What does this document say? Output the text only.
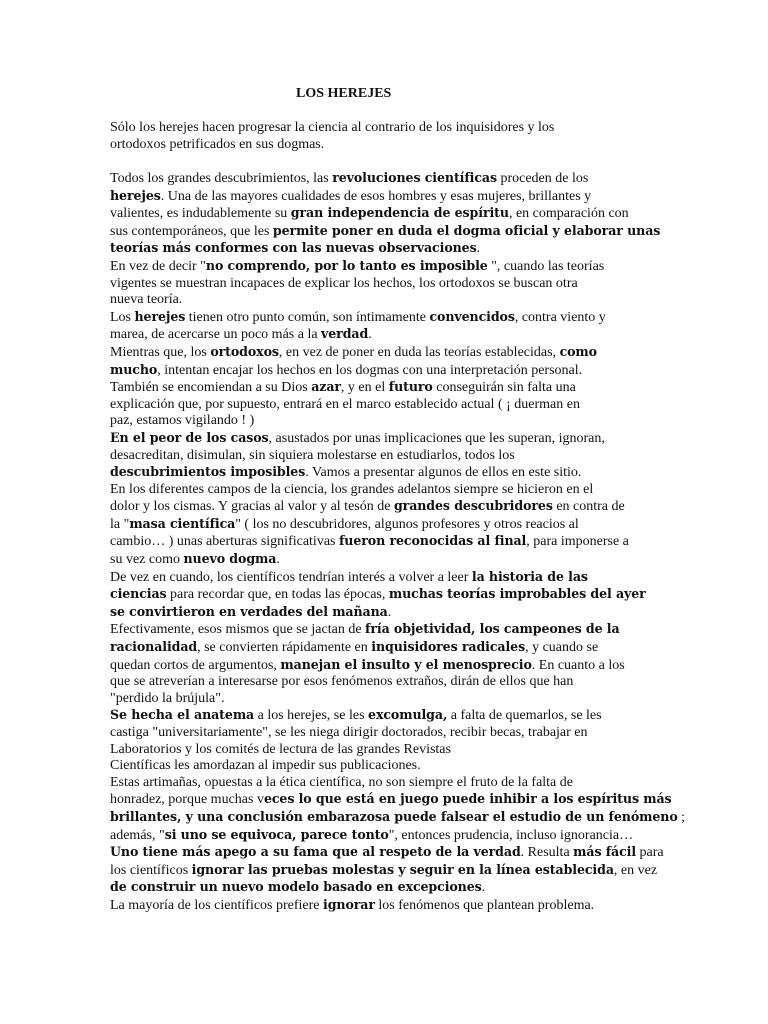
LOS HEREJES
Sólo los herejes hacen progresar la ciencia al contrario de los inquisidores y los
ortodoxos petrificados en sus dogmas.
Todos los grandes descubrimientos, las revoluciones científicas proceden de los
herejes. Una de las mayores cualidades de esos hombres y esas mujeres, brillantes y
valientes, es indudablemente su gran independencia de espíritu, en comparación con
sus contemporáneos, que les permite poner en duda el dogma oficial y elaborar unas
teorías más conformes con las nuevas observaciones.
En vez de decir "no comprendo, por lo tanto es imposible ", cuando las teorías
vigentes se muestran incapaces de explicar los hechos, los ortodoxos se buscan otra
nueva teoría.
Los herejes tienen otro punto común, son íntimamente convencidos, contra viento y
marea, de acercarse un poco más a la verdad.
Mientras que, los ortodoxos, en vez de poner en duda las teorías establecidas, como
mucho, intentan encajar los hechos en los dogmas con una interpretación personal.
También se encomiendan a su Dios azar, y en el futuro conseguirán sin falta una
explicación que, por supuesto, entrará en el marco establecido actual ( ¡ duerman en
paz, estamos vigilando ! )
En el peor de los casos, asustados por unas implicaciones que les superan, ignoran,
desacreditan, disimulan, sin siquiera molestarse en estudiarlos, todos los
descubrimientos imposibles. Vamos a presentar algunos de ellos en este sitio.
En los diferentes campos de la ciencia, los grandes adelantos siempre se hicieron en el
dolor y los cismas. Y gracias al valor y al tesón de grandes descubridores en contra de
la "masa científica" ( los no descubridores, algunos profesores y otros reacios al
cambio… ) unas aberturas significativas fueron reconocidas al final, para imponerse a
su vez como nuevo dogma.
De vez en cuando, los científicos tendrían interés a volver a leer la historia de las
ciencias para recordar que, en todas las épocas, muchas teorías improbables del ayer
se convirtieron en verdades del mañana.
Efectivamente, esos mismos que se jactan de fría objetividad, los campeones de la
racionalidad, se convierten rápidamente en inquisidores radicales, y cuando se
quedan cortos de argumentos, manejan el insulto y el menosprecio. En cuanto a los
que se atreverían a interesarse por esos fenómenos extraños, dirán de ellos que han
"perdido la brújula".
Se hecha el anatema a los herejes, se les excomulga, a falta de quemarlos, se les
castiga "universitariamente", se les niega dirigir doctorados, recibir becas, trabajar en
Laboratorios y los comités de lectura de las grandes Revistas
Científicas les amordazan al impedir sus publicaciones.
Estas artimañas, opuestas a la ética científica, no son siempre el fruto de la falta de
honradez, porque muchas veces lo que está en juego puede inhibir a los espíritus más
brillantes, y una conclusión embarazosa puede falsear el estudio de un fenómeno ;
además, "si uno se equivoca, parece tonto", entonces prudencia, incluso ignorancia…
Uno tiene más apego a su fama que al respeto de la verdad. Resulta más fácil para
los científicos ignorar las pruebas molestas y seguir en la línea establecida, en vez
de construir un nuevo modelo basado en excepciones.
La mayoría de los científicos prefiere ignorar los fenómenos que plantean problema.
